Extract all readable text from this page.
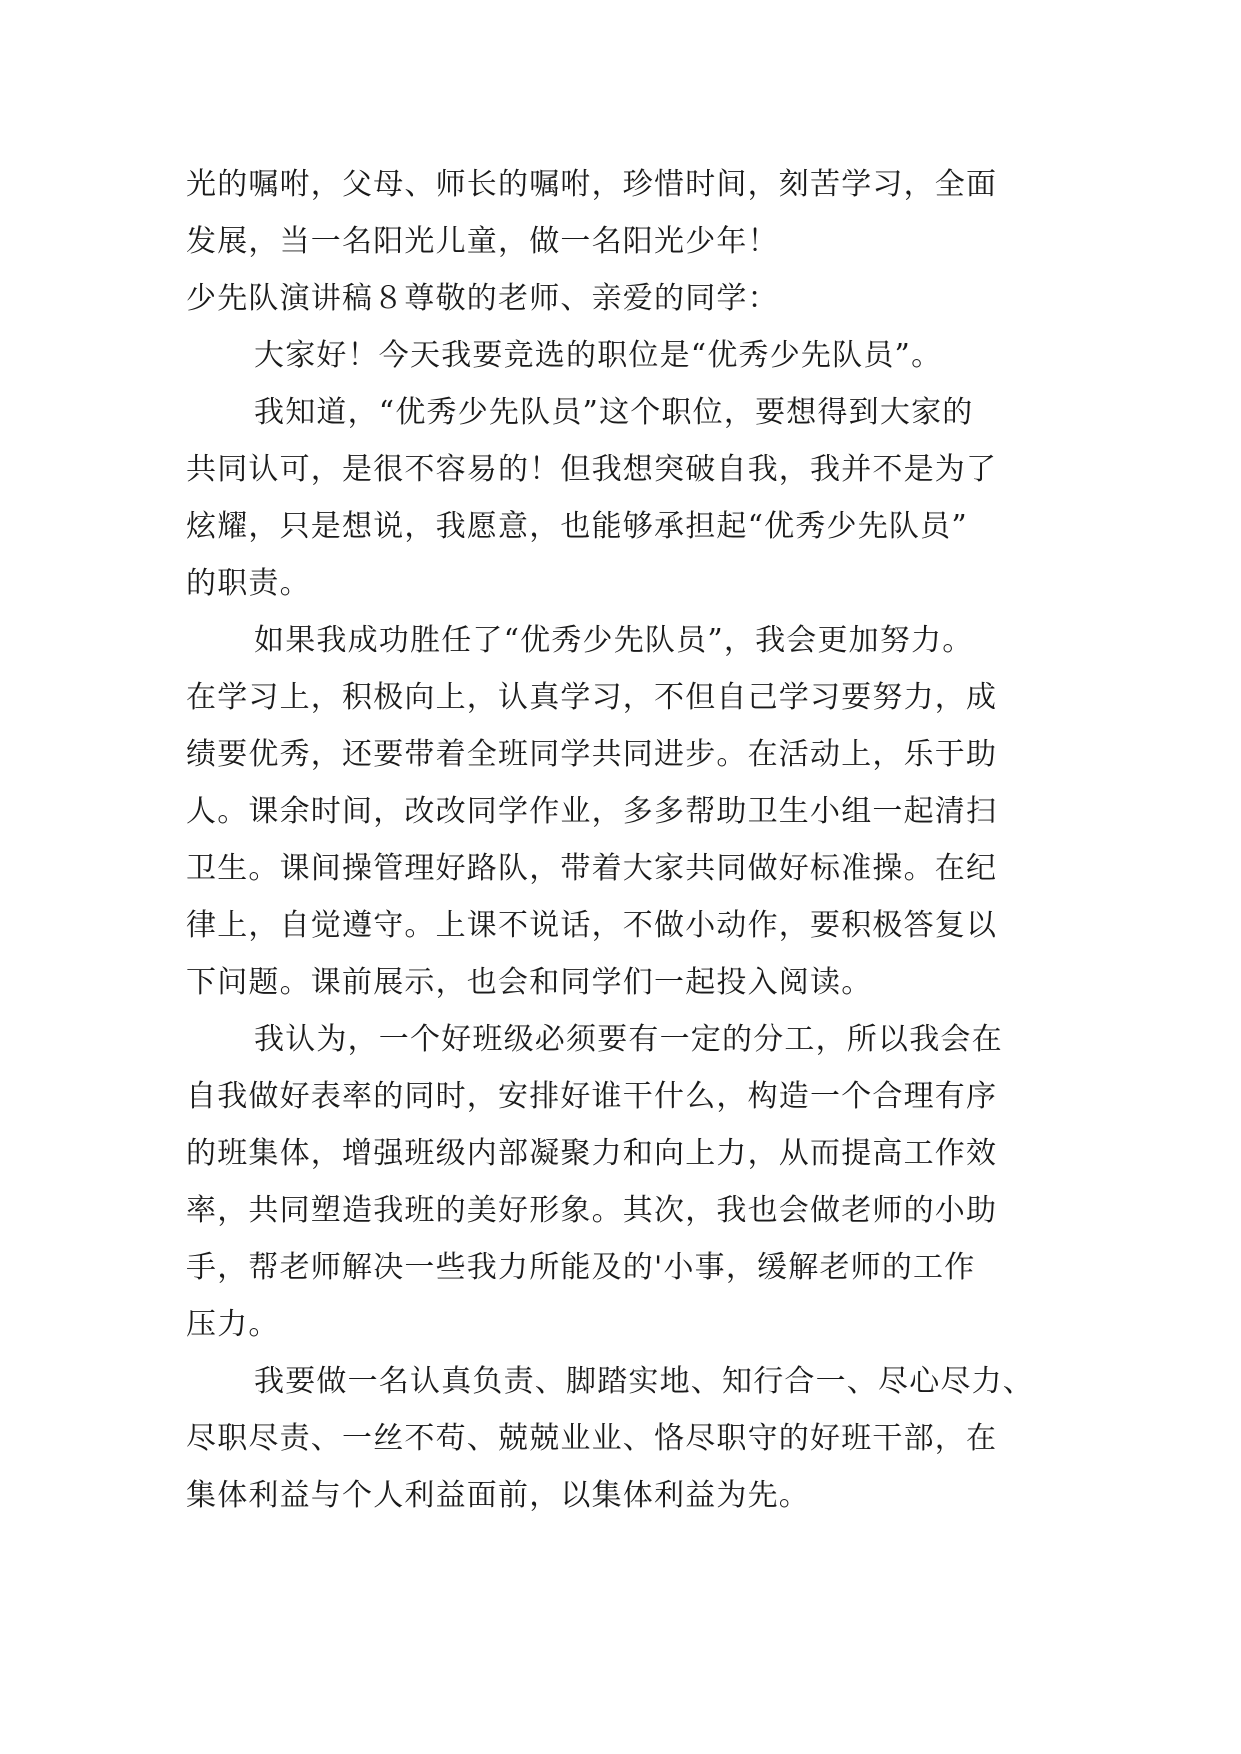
光的嘱咐，父母、师长的嘱咐，珍惜时间，刻苦学习，全面
发展，当一名阳光儿童，做一名阳光少年！
少先队演讲稿８尊敬的老师、亲爱的同学：
大家好！今天我要竞选的职位是“优秀少先队员”。
我知道，“优秀少先队员”这个职位，要想得到大家的
共同认可，是很不容易的！但我想突破自我，我并不是为了
炫耀，只是想说，我愿意，也能够承担起“优秀少先队员”
的职责。
如果我成功胜任了“优秀少先队员”，我会更加努力。
在学习上，积极向上，认真学习，不但自己学习要努力，成
绩要优秀，还要带着全班同学共同进步。在活动上，乐于助
人。课余时间，改改同学作业，多多帮助卫生小组一起清扫
卫生。课间操管理好路队，带着大家共同做好标准操。在纪
律上，自觉遵守。上课不说话，不做小动作，要积极答复以
下问题。课前展示，也会和同学们一起投入阅读。
我认为，一个好班级必须要有一定的分工，所以我会在
自我做好表率的同时，安排好谁干什么，构造一个合理有序
的班集体，增强班级内部凝聚力和向上力，从而提高工作效
率，共同塑造我班的美好形象。其次，我也会做老师的小助
手，帮老师解决一些我力所能及的'小事，缓解老师的工作
压力。
我要做一名认真负责、脚踏实地、知行合一、尽心尽力、
尽职尽责、一丝不苟、兢兢业业、恪尽职守的好班干部，在
集体利益与个人利益面前，以集体利益为先。
